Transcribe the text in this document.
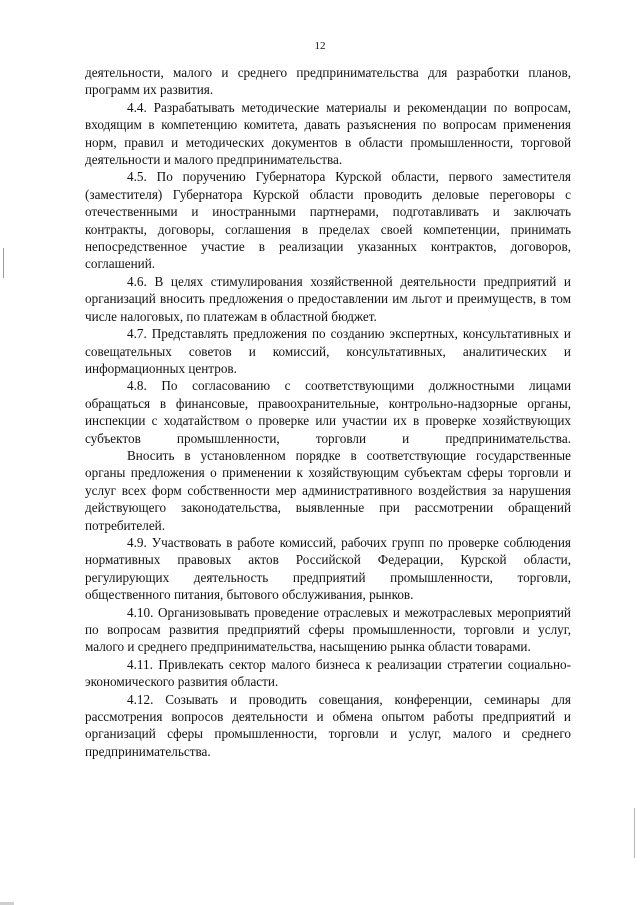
12

деятельности, малого и среднего предпринимательства для разработки планов, программ их развития.

4.4. Разрабатывать методические материалы и рекомендации по вопросам, входящим в компетенцию комитета, давать разъяснения по вопросам применения норм, правил и методических документов в области промышленности, торговой деятельности и малого предпринимательства.

4.5. По поручению Губернатора Курской области, первого заместителя (заместителя) Губернатора Курской области проводить деловые переговоры с отечественными и иностранными партнерами, подготавливать и заключать контракты, договоры, соглашения в пределах своей компетенции, принимать непосредственное участие в реализации указанных контрактов, договоров, соглашений.

4.6. В целях стимулирования хозяйственной деятельности предприятий и организаций вносить предложения о предоставлении им льгот и преимуществ, в том числе налоговых, по платежам в областной бюджет.

4.7. Представлять предложения по созданию экспертных, консультативных и совещательных советов и комиссий, консультативных, аналитических и информационных центров.

4.8. По согласованию с соответствующими должностными лицами обращаться в финансовые, правоохранительные, контрольно-надзорные органы, инспекции с ходатайством о проверке или участии их в проверке хозяйствующих субъектов промышленности, торговли и предпринимательства.

Вносить в установленном порядке в соответствующие государственные органы предложения о применении к хозяйствующим субъектам сферы торговли и услуг всех форм собственности мер административного воздействия за нарушения действующего законодательства, выявленные при рассмотрении обращений потребителей.

4.9. Участвовать в работе комиссий, рабочих групп по проверке соблюдения нормативных правовых актов Российской Федерации, Курской области, регулирующих деятельность предприятий промышленности, торговли, общественного питания, бытового обслуживания, рынков.

4.10. Организовывать проведение отраслевых и межотраслевых мероприятий по вопросам развития предприятий сферы промышленности, торговли и услуг, малого и среднего предпринимательства, насыщению рынка области товарами.

4.11. Привлекать сектор малого бизнеса к реализации стратегии социально-экономического развития области.

4.12. Созывать и проводить совещания, конференции, семинары для рассмотрения вопросов деятельности и обмена опытом работы предприятий и организаций сферы промышленности, торговли и услуг, малого и среднего предпринимательства.
